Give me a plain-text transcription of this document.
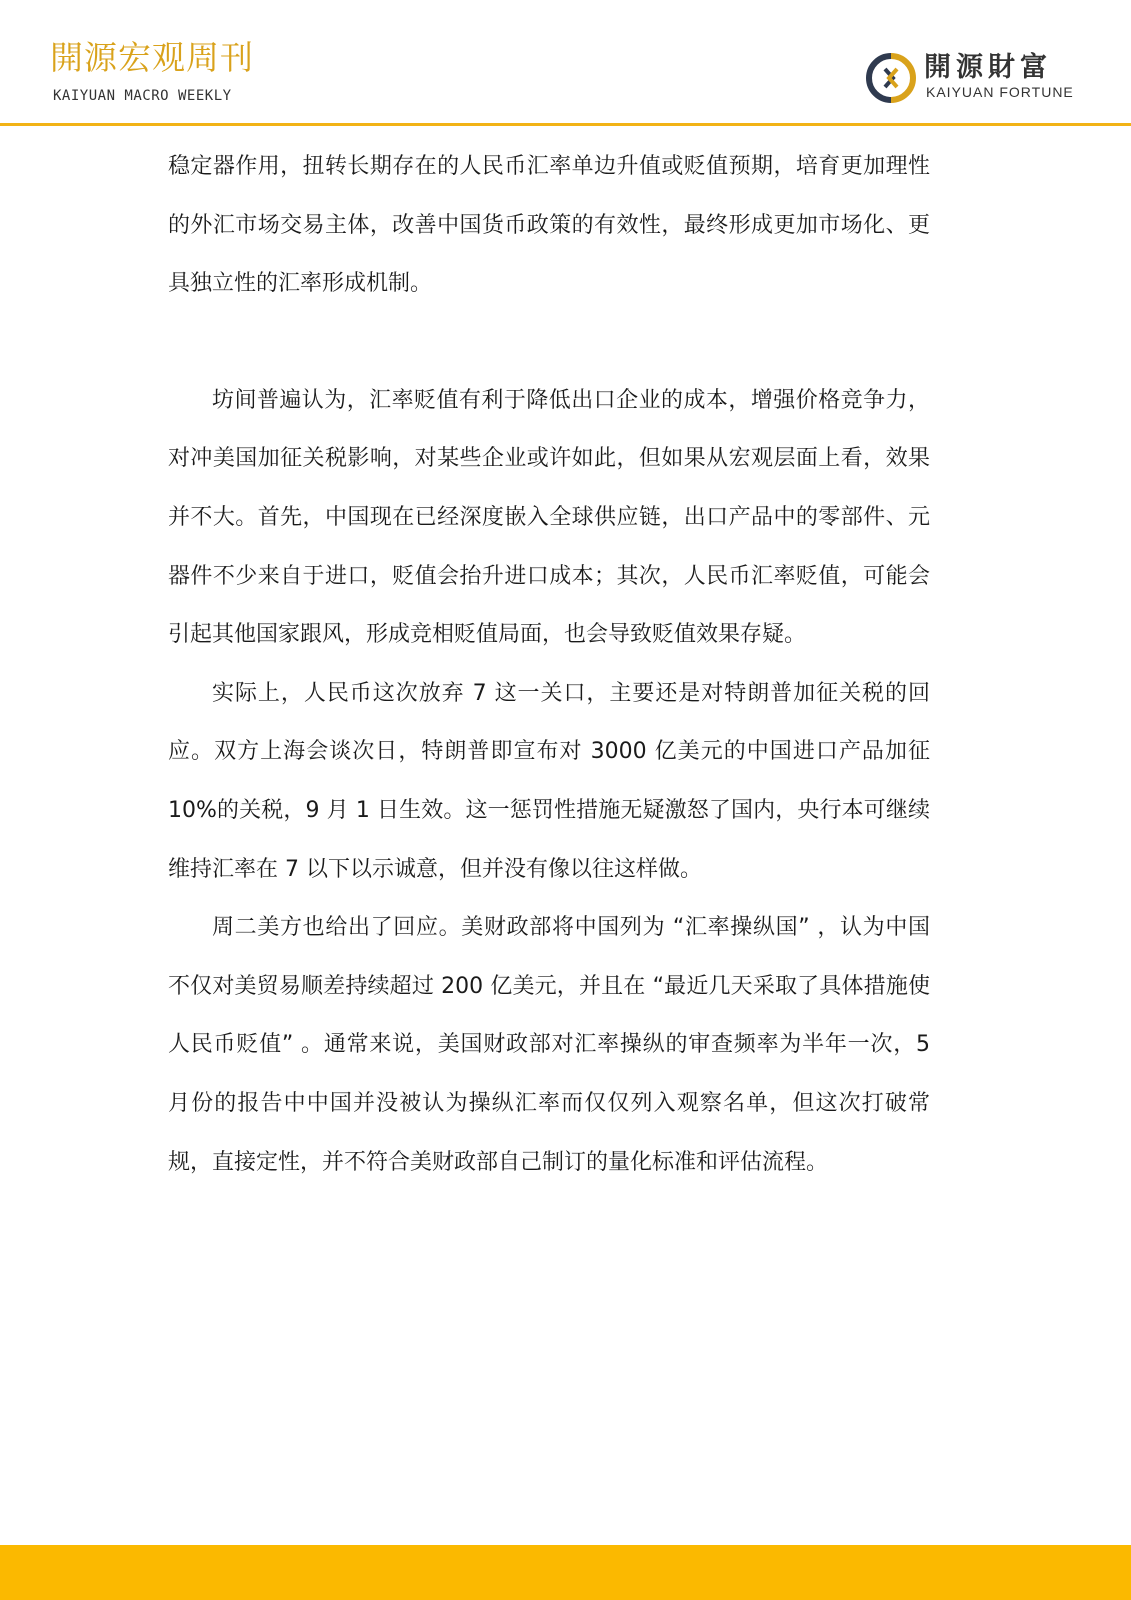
開源宏观周刊
KAIYUAN MACRO WEEKLY
開源財富
KAIYUAN FORTUNE

稳定器作用，扭转长期存在的人民币汇率单边升值或贬值预期，培育更加理性的外汇市场交易主体，改善中国货币政策的有效性，最终形成更加市场化、更具独立性的汇率形成机制。

坊间普遍认为，汇率贬值有利于降低出口企业的成本，增强价格竞争力，对冲美国加征关税影响，对某些企业或许如此，但如果从宏观层面上看，效果并不大。首先，中国现在已经深度嵌入全球供应链，出口产品中的零部件、元器件不少来自于进口，贬值会抬升进口成本；其次，人民币汇率贬值，可能会引起其他国家跟风，形成竞相贬值局面，也会导致贬值效果存疑。

实际上，人民币这次放弃 7 这一关口，主要还是对特朗普加征关税的回应。双方上海会谈次日，特朗普即宣布对 3000 亿美元的中国进口产品加征 10%的关税，9 月 1 日生效。这一惩罚性措施无疑激怒了国内，央行本可继续维持汇率在 7 以下以示诚意，但并没有像以往这样做。

周二美方也给出了回应。美财政部将中国列为 “汇率操纵国” ，认为中国不仅对美贸易顺差持续超过 200 亿美元，并且在 “最近几天采取了具体措施使人民币贬值” 。通常来说，美国财政部对汇率操纵的审查频率为半年一次，5 月份的报告中中国并没被认为操纵汇率而仅仅列入观察名单，但这次打破常规，直接定性，并不符合美财政部自己制订的量化标准和评估流程。
